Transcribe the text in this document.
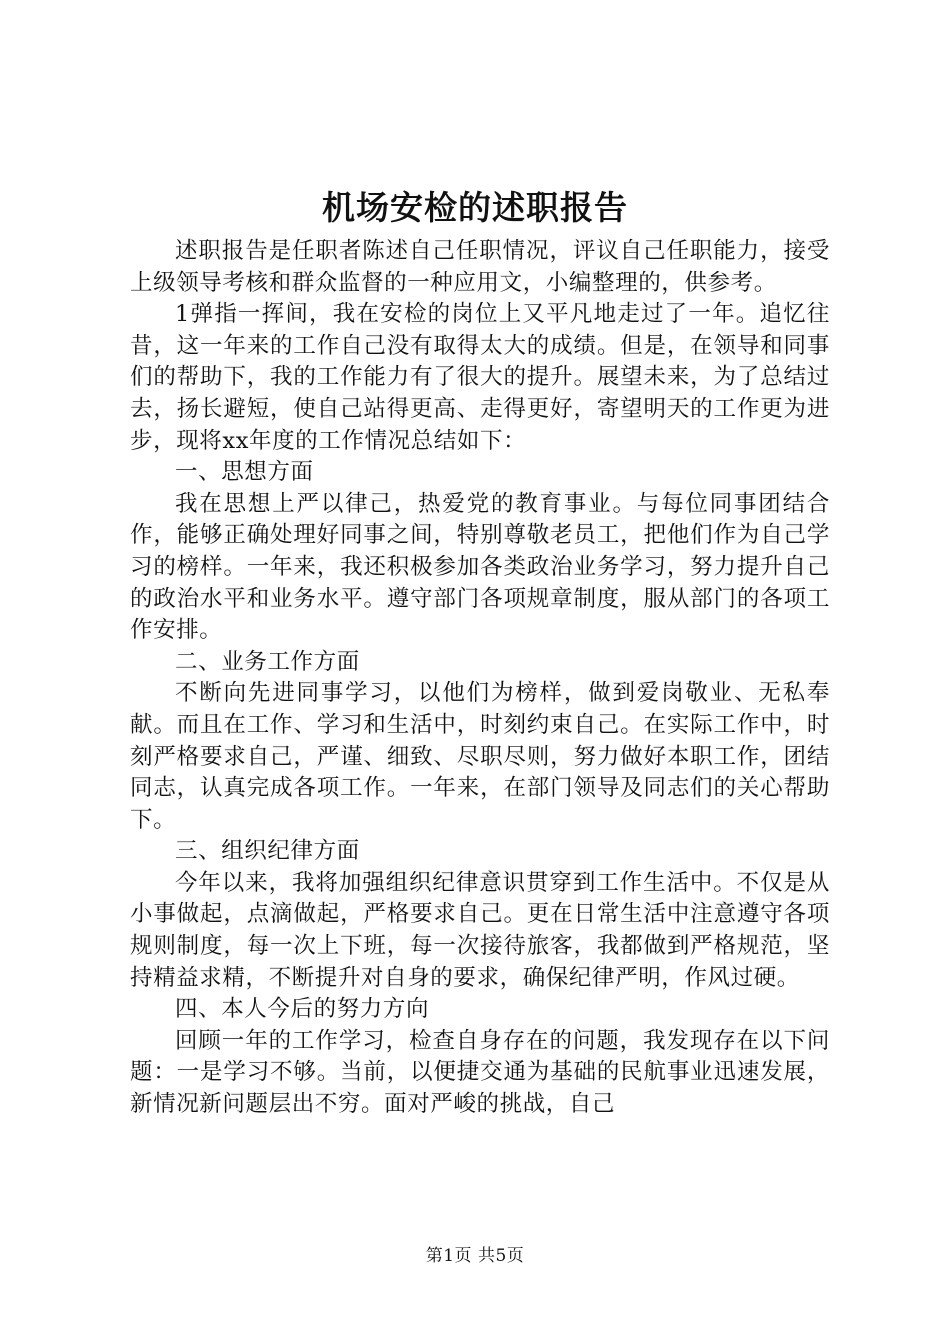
机场安检的述职报告

述职报告是任职者陈述自己任职情况，评议自己任职能力，接受上级领导考核和群众监督的一种应用文，小编整理的，供参考。

1弹指一挥间，我在安检的岗位上又平凡地走过了一年。追忆往昔，这一年来的工作自己没有取得太大的成绩。但是，在领导和同事们的帮助下，我的工作能力有了很大的提升。展望未来，为了总结过去，扬长避短，使自己站得更高、走得更好，寄望明天的工作更为进步，现将xx年度的工作情况总结如下：

一、思想方面

我在思想上严以律己，热爱党的教育事业。与每位同事团结合作，能够正确处理好同事之间，特别尊敬老员工，把他们作为自己学习的榜样。一年来，我还积极参加各类政治业务学习，努力提升自己的政治水平和业务水平。遵守部门各项规章制度，服从部门的各项工作安排。

二、业务工作方面

不断向先进同事学习，以他们为榜样，做到爱岗敬业、无私奉献。而且在工作、学习和生活中，时刻约束自己。在实际工作中，时刻严格要求自己，严谨、细致、尽职尽则，努力做好本职工作，团结同志，认真完成各项工作。一年来，在部门领导及同志们的关心帮助下。

三、组织纪律方面

今年以来，我将加强组织纪律意识贯穿到工作生活中。不仅是从小事做起，点滴做起，严格要求自己。更在日常生活中注意遵守各项规则制度，每一次上下班，每一次接待旅客，我都做到严格规范，坚持精益求精，不断提升对自身的要求，确保纪律严明，作风过硬。

四、本人今后的努力方向

回顾一年的工作学习，检查自身存在的问题，我发现存在以下问题：一是学习不够。当前，以便捷交通为基础的民航事业迅速发展，新情况新问题层出不穷。面对严峻的挑战，自己

第1页 共5页
